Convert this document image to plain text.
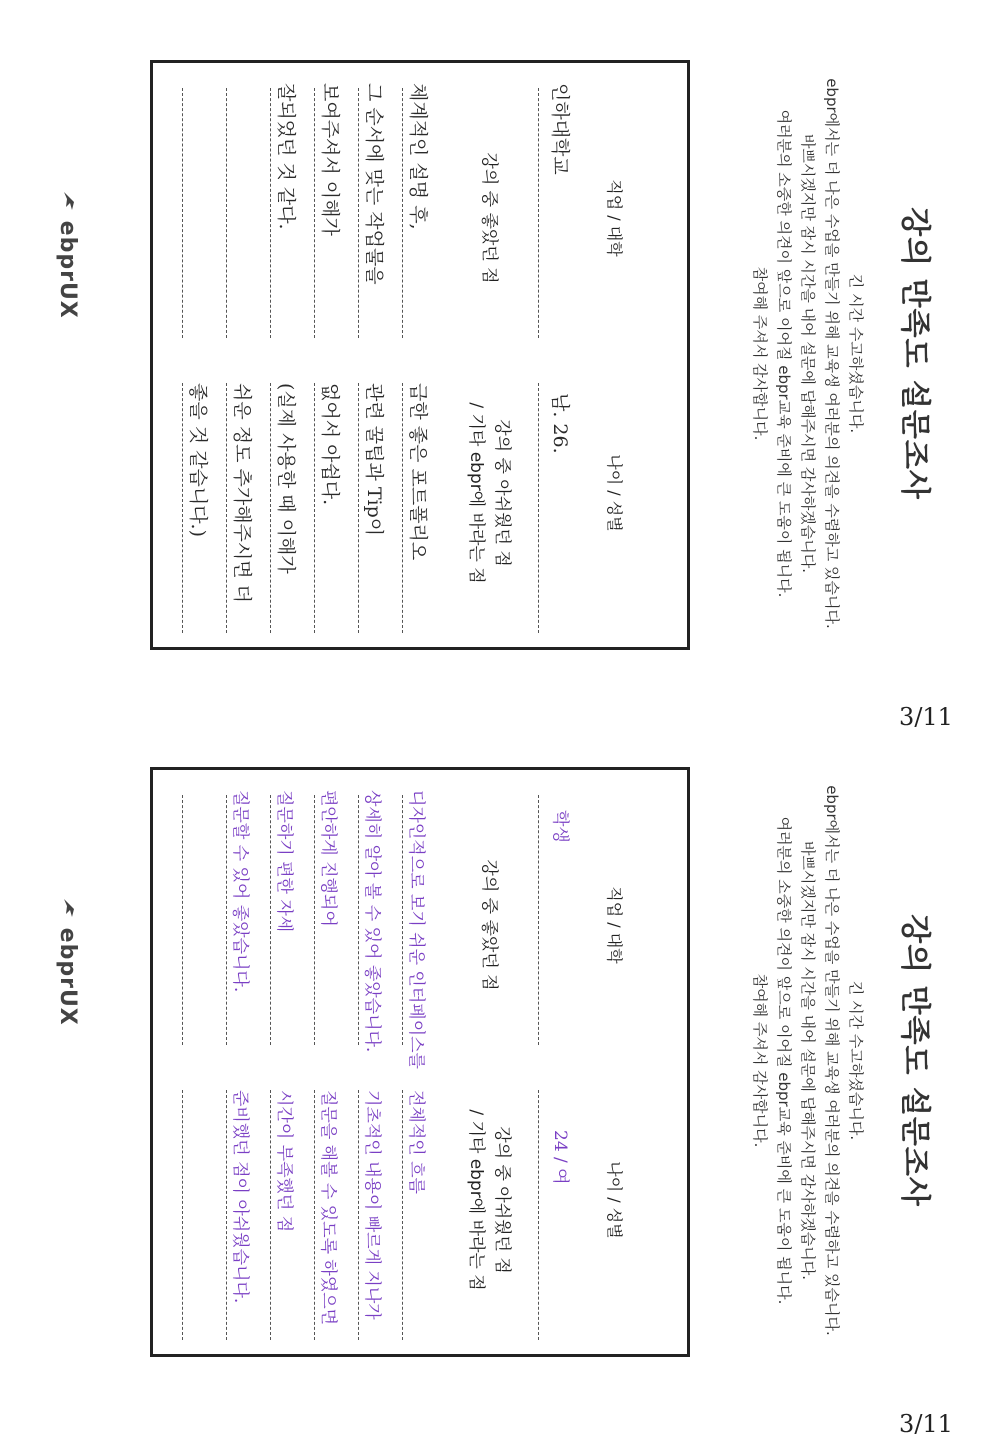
강의 만족도 설문조사
긴 시간 수고하셨습니다.
ebpr에서는 더 나은 수업을 만들기 위해 교육생 여러분의 의견을 수렴하고 있습니다.
바쁘시겠지만 잠시 시간을 내어 설문에 답해주시면 감사하겠습니다.
여러분의 소중한 의견이 앞으로 이어질 ebpr교육 준비에 큰 도움이 됩니다.
참여해 주셔서 감사합니다.
직업 / 대학
나이 / 성별
인하대학교
남. 26.
강의 중 좋았던 점
강의 중 아쉬웠던 점
/ 기타 ebpr에 바라는 점
체계적인 설명 후,
그 순서에 맞는 작업물을
보여주셔서 이해가
잘되었던 것 같다.
급한 좋은 포트폴리오
관련 꿀팁과 Tip이
없어서 아쉽다.
(실제 사용한 때 이해가
쉬운 정도 추가해주시면 더
좋을 것 같습니다.)
ebprUX
3/11
강의 만족도 설문조사
긴 시간 수고하셨습니다.
ebpr에서는 더 나은 수업을 만들기 위해 교육생 여러분의 의견을 수렴하고 있습니다.
바쁘시겠지만 잠시 시간을 내어 설문에 답해주시면 감사하겠습니다.
여러분의 소중한 의견이 앞으로 이어질 ebpr교육 준비에 큰 도움이 됩니다.
참여해 주셔서 감사합니다.
직업 / 대학
나이 / 성별
학생
24 / 여
강의 중 좋았던 점
강의 중 아쉬웠던 점
/ 기타 ebpr에 바라는 점
디자인적으로 보기 쉬운 인터페이스를
상세히 알아 볼 수 있어 좋았습니다.
편안하게 진행되어
질문하기 편한 자세
질문할 수 있어 좋았습니다.
전체적인 흐름
기초적인 내용이 빠르게 지나가
질문을 해볼 수 있도록 하였으면
시간이 부족했던 점
준비했던 점이 아쉬웠습니다.
ebprUX
3/11
